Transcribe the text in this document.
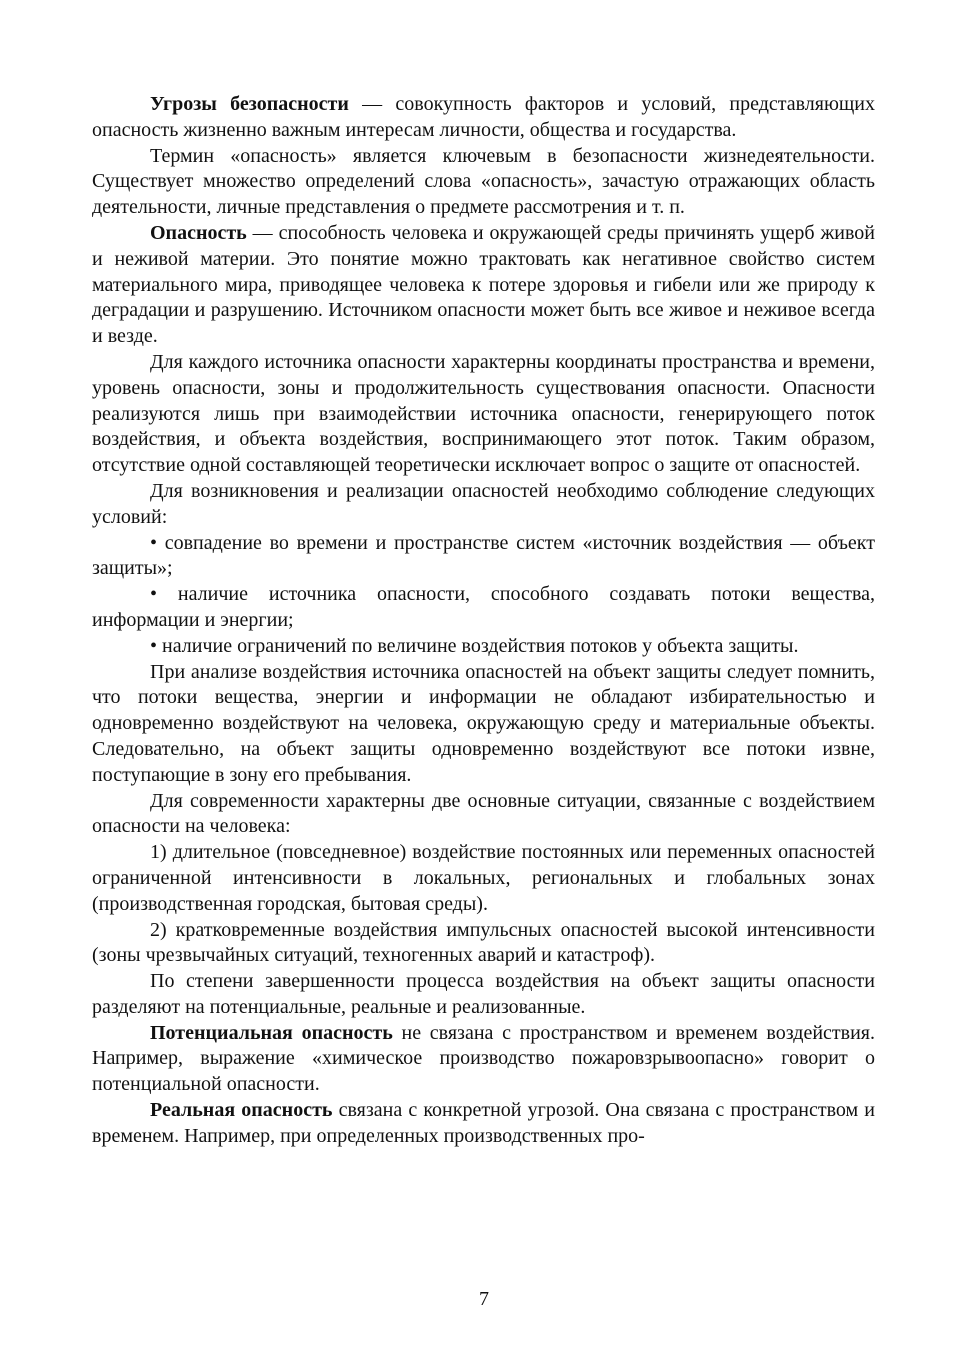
Угрозы безопасности — совокупность факторов и условий, представляющих опасность жизненно важным интересам личности, общества и государства.

Термин «опасность» является ключевым в безопасности жизнедеятельности. Существует множество определений слова «опасность», зачастую отражающих область деятельности, личные представления о предмете рассмотрения и т. п.

Опасность — способность человека и окружающей среды причинять ущерб живой и неживой материи. Это понятие можно трактовать как негативное свойство систем материального мира, приводящее человека к потере здоровья и гибели или же природу к деградации и разрушению. Источником опасности может быть все живое и неживое всегда и везде.

Для каждого источника опасности характерны координаты пространства и времени, уровень опасности, зоны и продолжительность существования опасности. Опасности реализуются лишь при взаимодействии источника опасности, генерирующего поток воздействия, и объекта воздействия, воспринимающего этот поток. Таким образом, отсутствие одной составляющей теоретически исключает вопрос о защите от опасностей.

Для возникновения и реализации опасностей необходимо соблюдение следующих условий:

• совпадение во времени и пространстве систем «источник воздействия — объект защиты»;

• наличие источника опасности, способного создавать потоки вещества, информации и энергии;

• наличие ограничений по величине воздействия потоков у объекта защиты.

При анализе воздействия источника опасностей на объект защиты следует помнить, что потоки вещества, энергии и информации не обладают избирательностью и одновременно воздействуют на человека, окружающую среду и материальные объекты. Следовательно, на объект защиты одновременно воздействуют все потоки извне, поступающие в зону его пребывания.

Для современности характерны две основные ситуации, связанные с воздействием опасности на человека:

1) длительное (повседневное) воздействие постоянных или переменных опасностей ограниченной интенсивности в локальных, региональных и глобальных зонах (производственная городская, бытовая среды).

2) кратковременные воздействия импульсных опасностей высокой интенсивности (зоны чрезвычайных ситуаций, техногенных аварий и катастроф).

По степени завершенности процесса воздействия на объект защиты опасности разделяют на потенциальные, реальные и реализованные.

Потенциальная опасность не связана с пространством и временем воздействия. Например, выражение «химическое производство пожаровзрывоопасно» говорит о потенциальной опасности.

Реальная опасность связана с конкретной угрозой. Она связана с пространством и временем. Например, при определенных производственных про-

7
